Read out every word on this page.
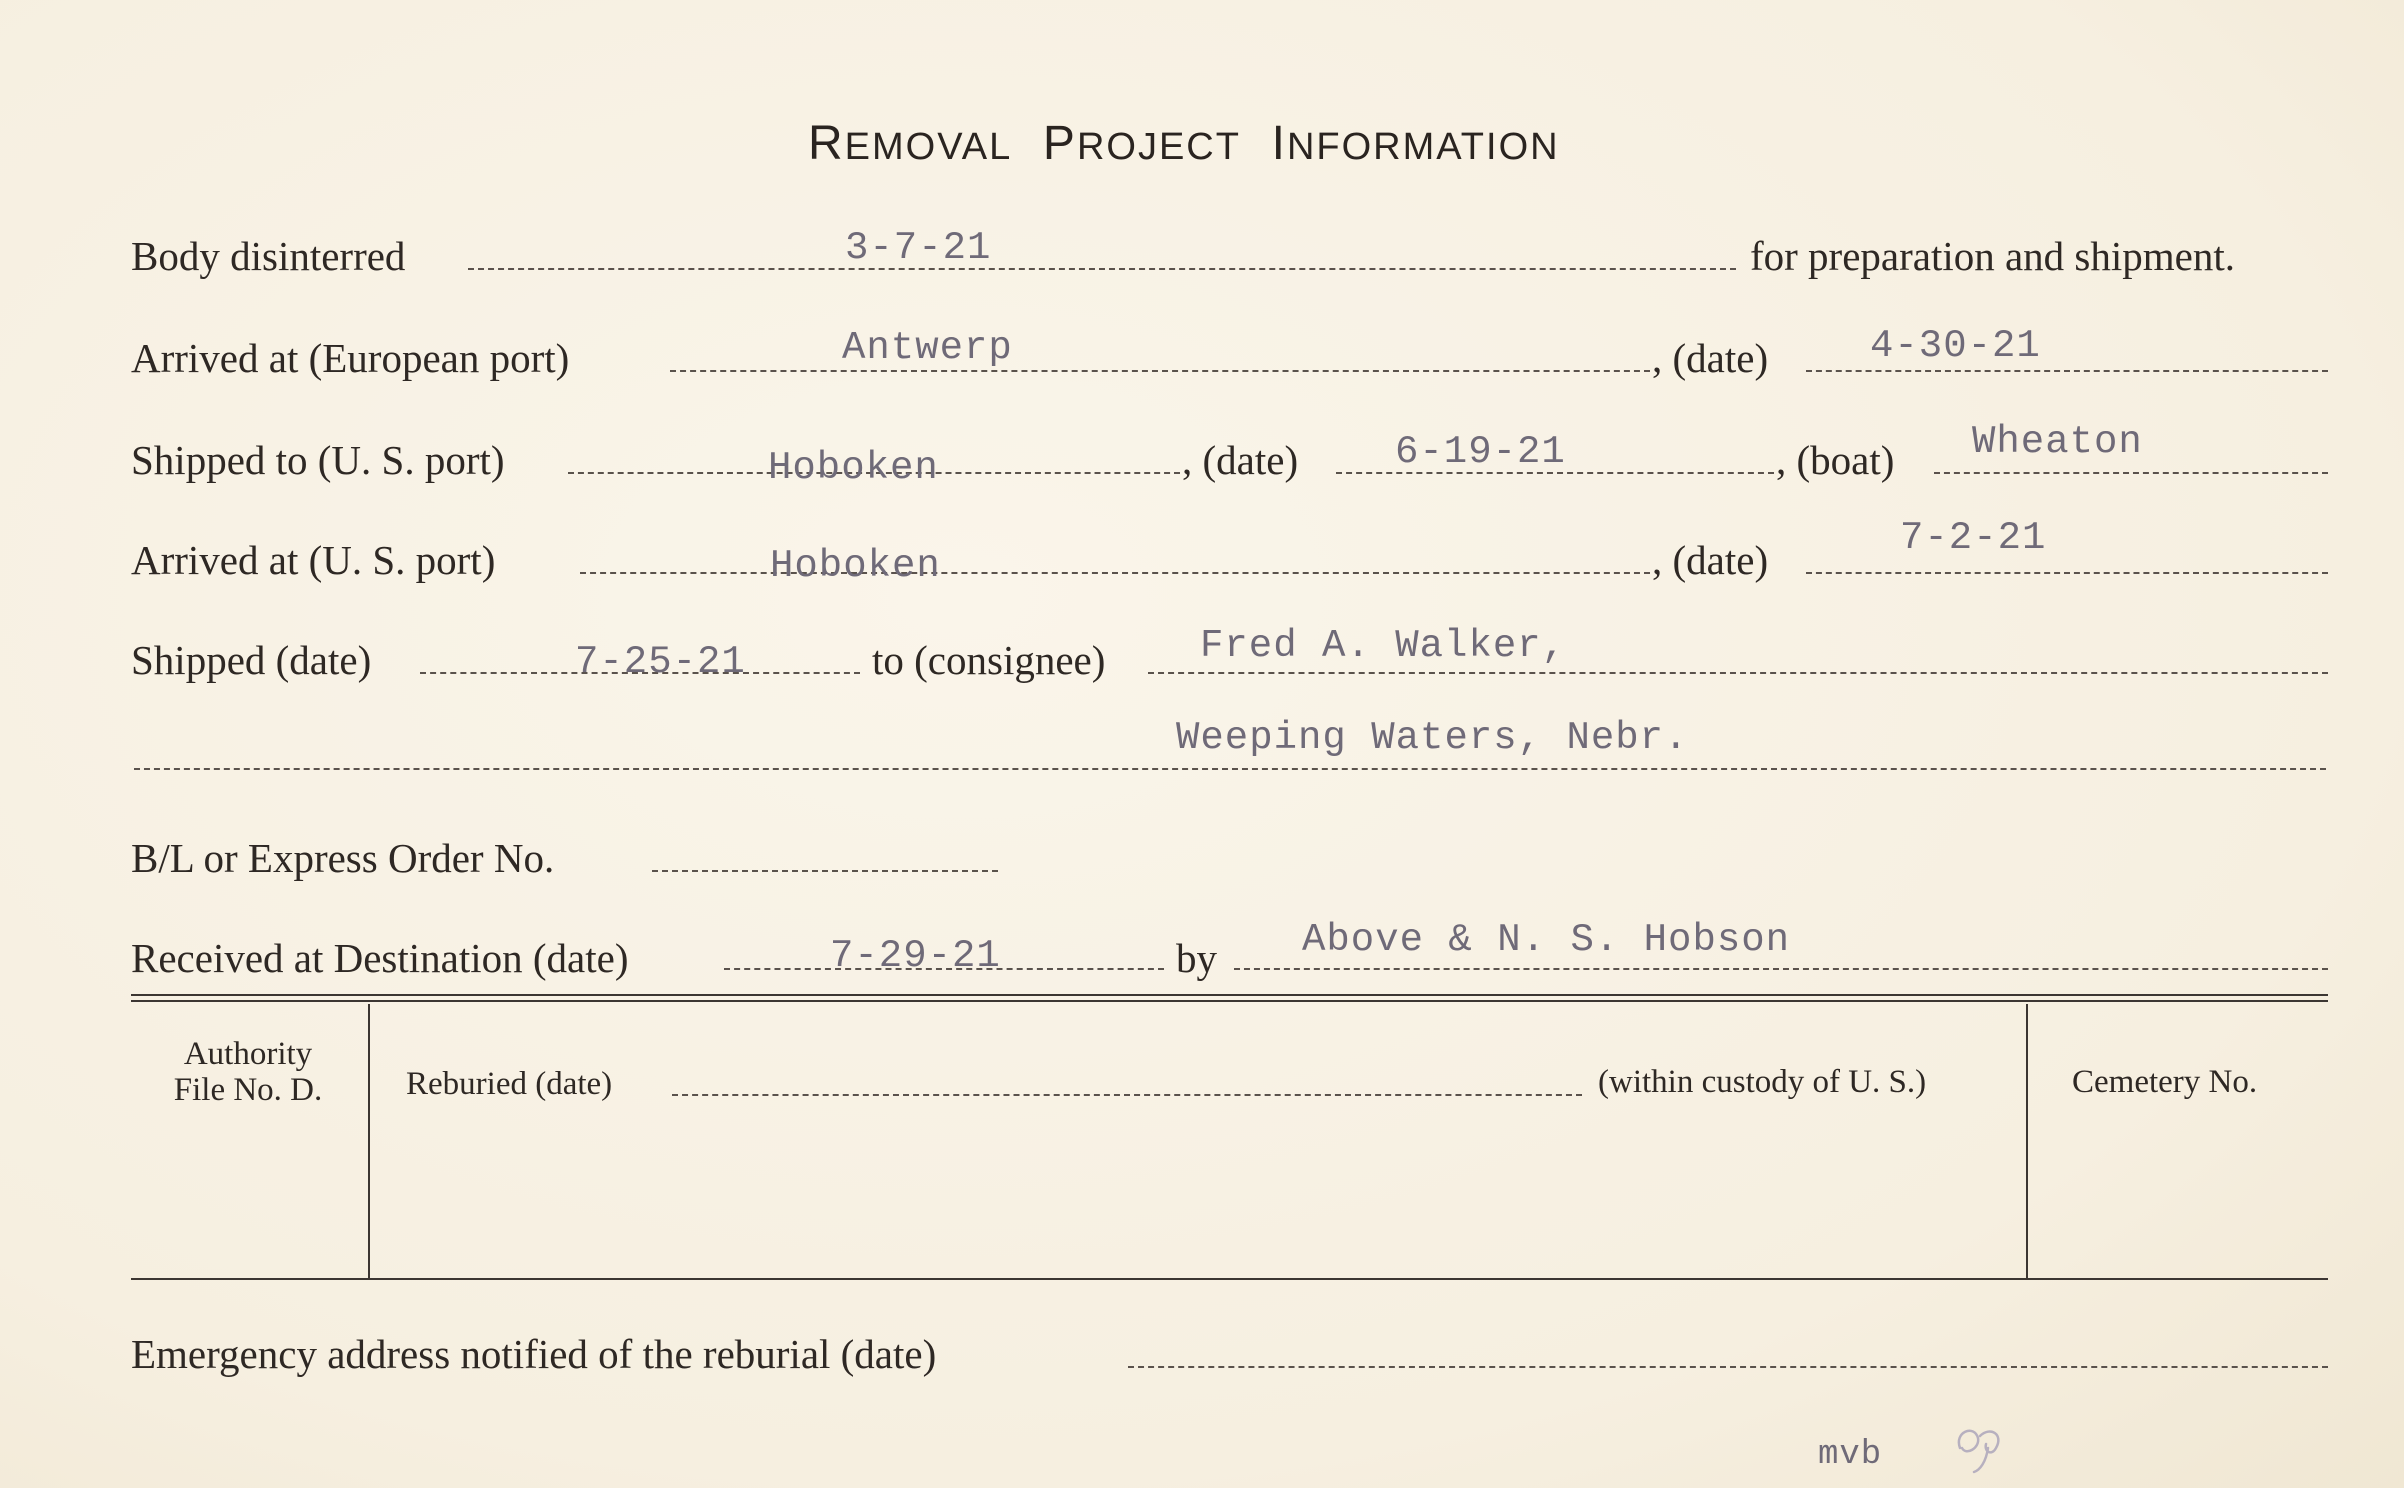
REMOVAL PROJECT INFORMATION
Body disinterred	3-7-21	for preparation and shipment.
Arrived at (European port)	Antwerp	, (date)	4-30-21
Shipped to (U. S. port)	Hoboken	, (date) 6-19-21	, (boat) Wheaton
Arrived at (U. S. port)	Hoboken	, (date)	7-2-21
Shipped (date)	7-25-21	to (consignee) Fred A. Walker,
Weeping Waters, Nebr.
B/L or Express Order No.
Received at Destination (date)	7-29-21	by Above & N. S. Hobson
Authority
File No. D.	Reburied (date)	(within custody of U. S.)	Cemetery No.
Emergency address notified of the reburial (date)
mvb
